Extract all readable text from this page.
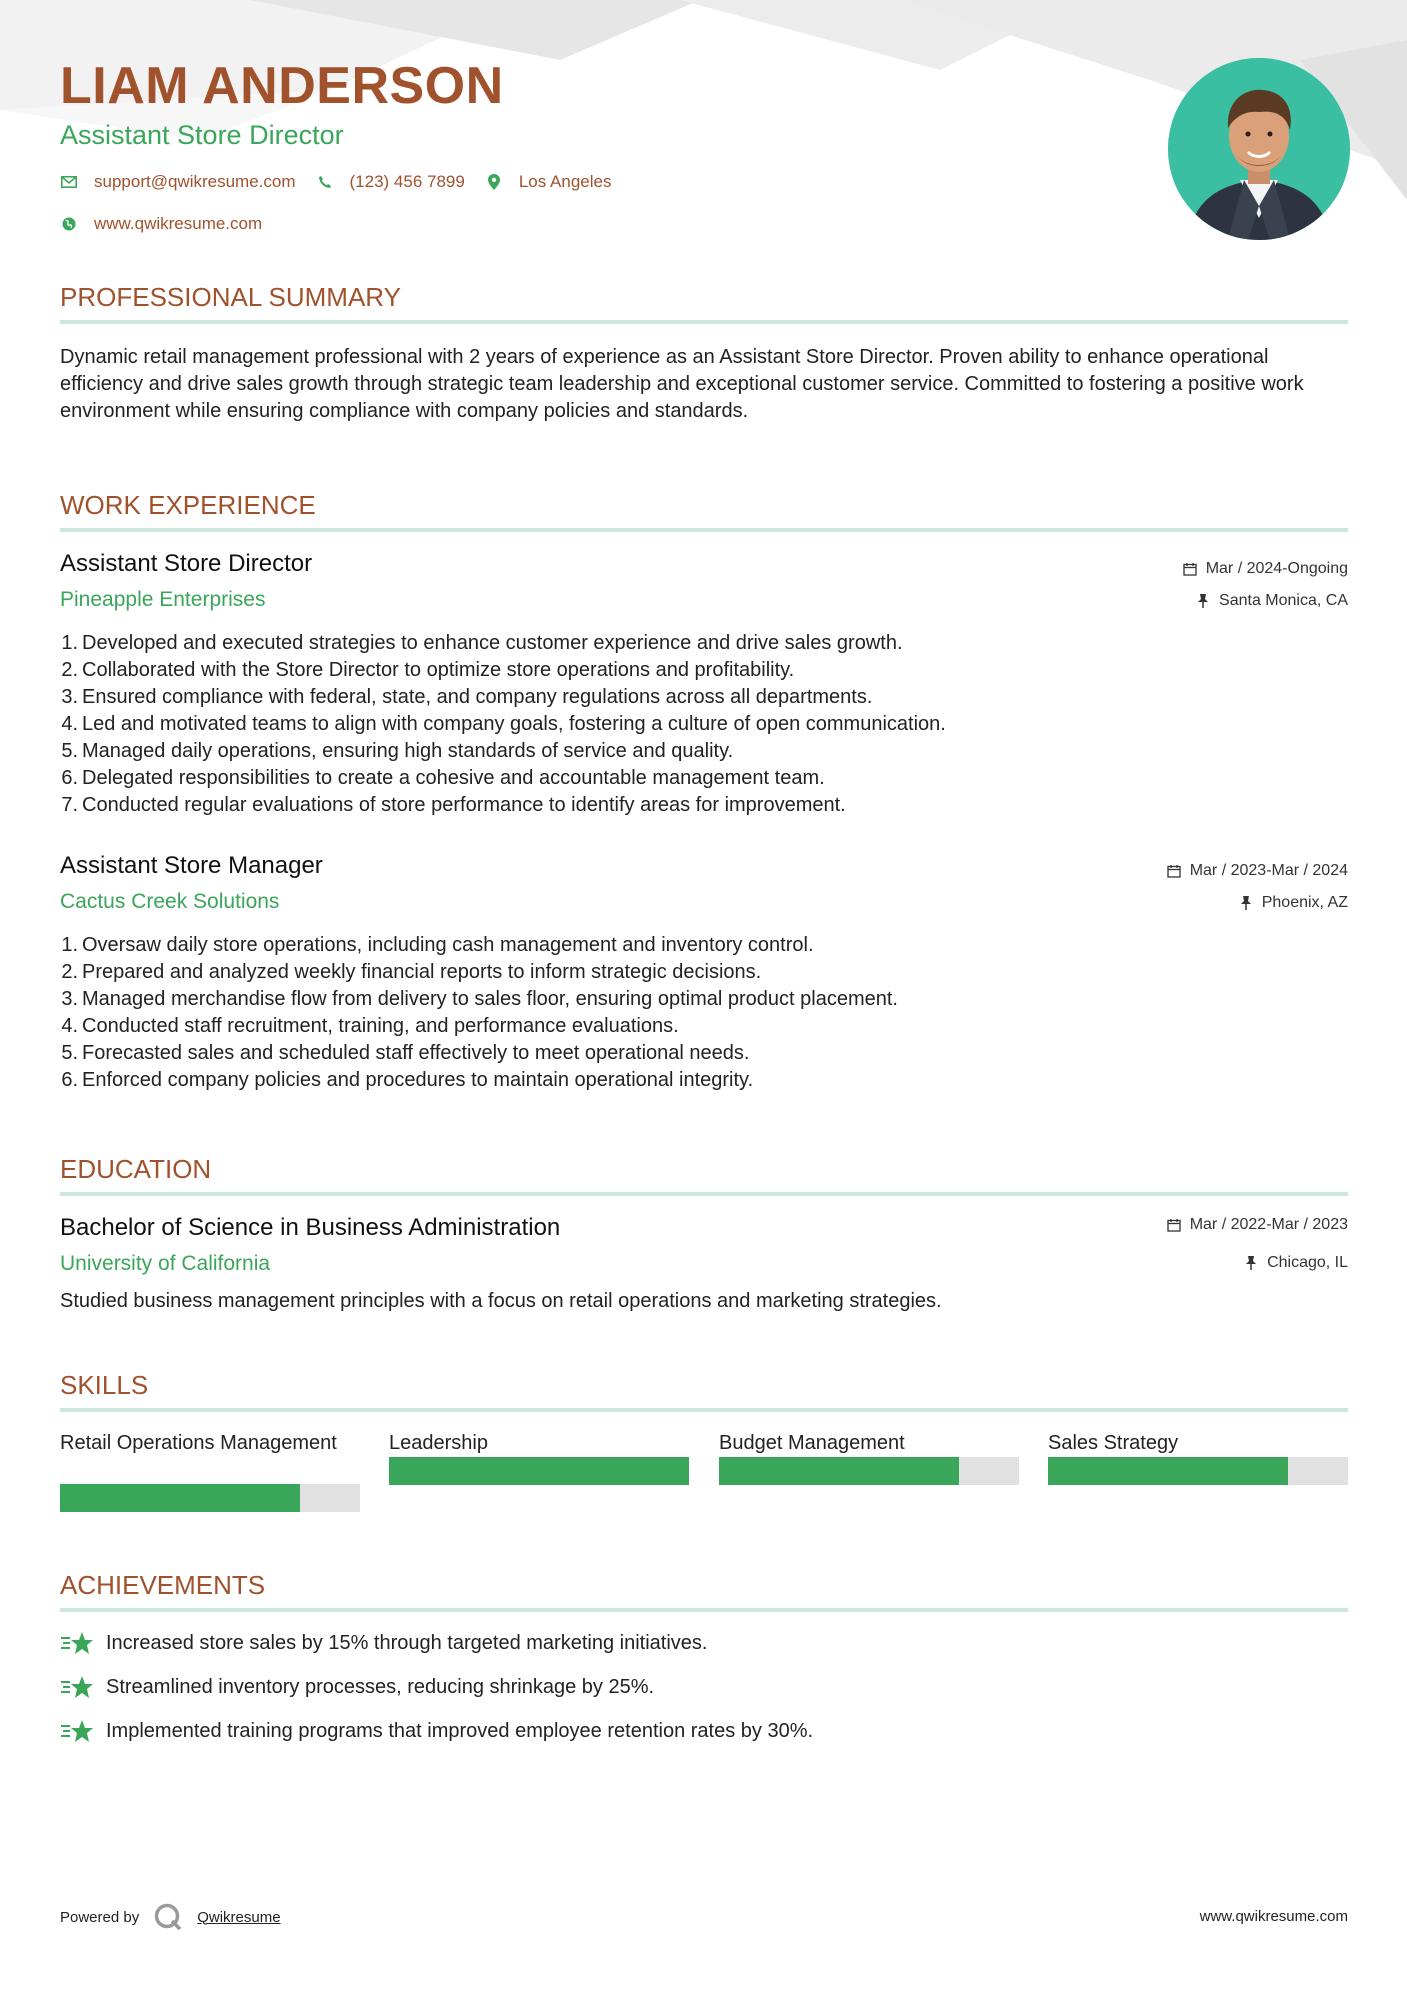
LIAM ANDERSON
Assistant Store Director
support@qwikresume.com	(123) 456 7899	Los Angeles
www.qwikresume.com
PROFESSIONAL SUMMARY
Dynamic retail management professional with 2 years of experience as an Assistant Store Director. Proven ability to enhance operational efficiency and drive sales growth through strategic team leadership and exceptional customer service. Committed to fostering a positive work environment while ensuring compliance with company policies and standards.
WORK EXPERIENCE
Assistant Store Director
Pineapple Enterprises
Mar / 2024-Ongoing
Santa Monica, CA
Developed and executed strategies to enhance customer experience and drive sales growth.
Collaborated with the Store Director to optimize store operations and profitability.
Ensured compliance with federal, state, and company regulations across all departments.
Led and motivated teams to align with company goals, fostering a culture of open communication.
Managed daily operations, ensuring high standards of service and quality.
Delegated responsibilities to create a cohesive and accountable management team.
Conducted regular evaluations of store performance to identify areas for improvement.
Assistant Store Manager
Cactus Creek Solutions
Mar / 2023-Mar / 2024
Phoenix, AZ
Oversaw daily store operations, including cash management and inventory control.
Prepared and analyzed weekly financial reports to inform strategic decisions.
Managed merchandise flow from delivery to sales floor, ensuring optimal product placement.
Conducted staff recruitment, training, and performance evaluations.
Forecasted sales and scheduled staff effectively to meet operational needs.
Enforced company policies and procedures to maintain operational integrity.
EDUCATION
Bachelor of Science in Business Administration
University of California
Mar / 2022-Mar / 2023
Chicago, IL
Studied business management principles with a focus on retail operations and marketing strategies.
SKILLS
Retail Operations Management	Leadership	Budget Management	Sales Strategy
ACHIEVEMENTS
Increased store sales by 15% through targeted marketing initiatives.
Streamlined inventory processes, reducing shrinkage by 25%.
Implemented training programs that improved employee retention rates by 30%.
Powered by	Qwikresume	www.qwikresume.com
